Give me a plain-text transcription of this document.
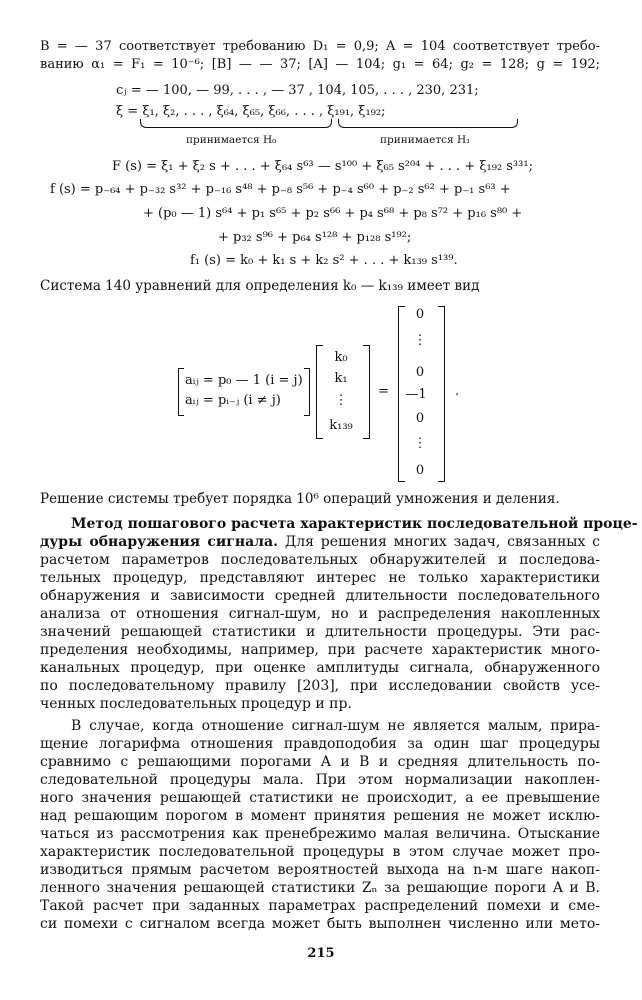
B = — 37 соответствует требованию D₁ = 0,9; A = 104 соответствует требо-
ванию α₁ = F₁ = 10⁻⁶; [B] — — 37; [A] — 104; g₁ = 64; g₂ = 128; g = 192;
cⱼ = — 100, — 99, . . . , — 37 , 104, 105, . . . , 230, 231;
ξ = ξ₁, ξ₂, . . . , ξ₆₄, ξ₆₅, ξ₆₆, . . . , ξ₁₉₁, ξ₁₉₂;
принимается H₀	принимается H₁
F (s) = ξ₁ + ξ₂ s + . . . + ξ₆₄ s⁶³ — s¹⁰⁰ + ξ₆₅ s²⁰⁴ + . . . + ξ₁₉₂ s³³¹;
f (s) = p₋₆₄ + p₋₃₂ s³² + p₋₁₆ s⁴⁸ + p₋₈ s⁵⁶ + p₋₄ s⁶⁰ + p₋₂ s⁶² + p₋₁ s⁶³ +
+ (p₀ — 1) s⁶⁴ + p₁ s⁶⁵ + p₂ s⁶⁶ + p₄ s⁶⁸ + p₈ s⁷² + p₁₆ s⁸⁰ +
+ p₃₂ s⁹⁶ + p₆₄ s¹²⁸ + p₁₂₈ s¹⁹²;
f₁ (s) = k₀ + k₁ s + k₂ s² + . . . + k₁₃₉ s¹³⁹.
Система 140 уравнений для определения k₀ — k₁₃₉ имеет вид
aᵢⱼ = p₀ — 1 (i = j)
aᵢⱼ = pᵢ₋ⱼ (i ≠ j)
k₀
k₁
⋮
k₁₃₉
=
0
⋮
0
—1
0
⋮
0
.
Решение системы требует порядка 10⁶ операций умножения и деления.
Метод пошагового расчета характеристик последовательной проце-
дуры обнаружения сигнала. Для решения многих задач, связанных с
расчетом параметров последовательных обнаружителей и последова-
тельных процедур, представляют интерес не только характеристики
обнаружения и зависимости средней длительности последовательного
анализа от отношения сигнал-шум, но и распределения накопленных
значений решающей статистики и длительности процедуры. Эти рас-
пределения необходимы, например, при расчете характеристик много-
канальных процедур, при оценке амплитуды сигнала, обнаруженного
по последовательному правилу [203], при исследовании свойств усе-
ченных последовательных процедур и пр.
В случае, когда отношение сигнал-шум не является малым, прира-
щение логарифма отношения правдоподобия за один шаг процедуры
сравнимо с решающими порогами A и B и средняя длительность по-
следовательной процедуры мала. При этом нормализации накоплен-
ного значения решающей статистики не происходит, а ее превышение
над решающим порогом в момент принятия решения не может исклю-
чаться из рассмотрения как пренебрежимо малая величина. Отыскание
характеристик последовательной процедуры в этом случае может про-
изводиться прямым расчетом вероятностей выхода на n-м шаге накоп-
ленного значения решающей статистики Zₙ за решающие пороги A и B.
Такой расчет при заданных параметрах распределений помехи и сме-
си помехи с сигналом всегда может быть выполнен численно или мето-
215
